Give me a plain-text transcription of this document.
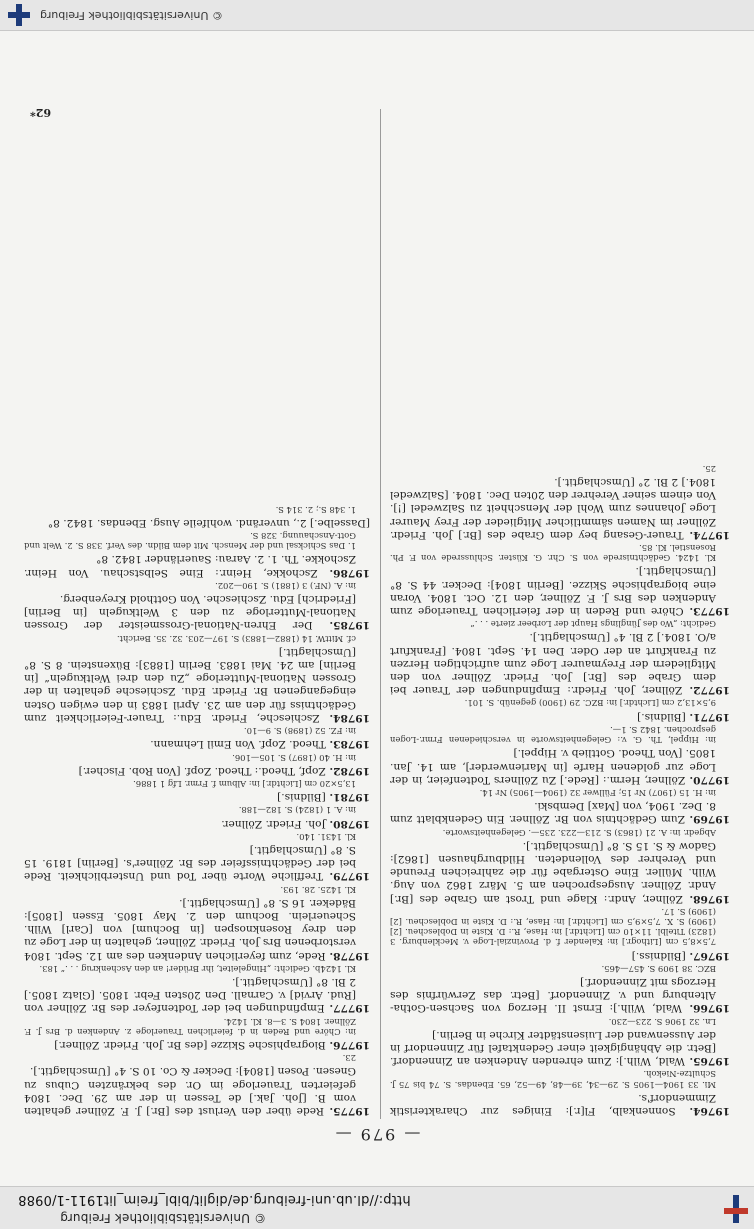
© Universitätsbibliothek Freiburg
http://dl.ub.uni-freiburg.de/diglit/bibl_freim_lit1911-1/0988
— 979 —
19764. Sonnenkalb, Fl[r.]: Einiges zur Charakteristik Zimmendorf's.
Mi. 33 1904—1905 S. 29—34, 39—48, 49—52, 65. Ebendas. S. 74 bis 75 J. Schultze-Niekoh.
19765. Wald, Wilh.]: Zum ehrenden Andenken an Zinnendorf. [Betr. die Abhängigkeit einer Gedenktafel für Zinnendorf in der Aussenwand der Luisenstädter Kirche in Berlin.]
Ln. 32 1906 S. 223—230.
19766. Wald, Wilh.]: Ernst II. Herzog von Sachsen-Gotha-Altenburg und v. Zinnendorf. [Betr. das Zerwürfnis des Herzogs mit Zinnendorf.]
BZC. 38 1909 S. 457—465.
19767. [Bildniss.]
7,5×8,5 cm [Lithogr.] in: Kalender f. d. Provinzial-Loge v. Mecklenburg. 3 (1823) Titelbl. 11×10 cm [Lichtdr.] in: Hase, R.: D. Kiste in Doblescheu. [2] (1909) S. X. 7,5×9,5 cm [Lichtdr.] in: Hase, R.: D. Kiste in Doblescheu. [2] (1909) S. 17.
19768. Zöllner, Andr.: Klage und Trost am Grabe des [Br.] Andr. Zöllner. Ausgesprochen am 5. März 1862 von Aug. Wilh. Müller. Eine Ostergabe für die zahlreichen Freunde und Verehrer des Vollendeten. Hildburghausen [1862]: Gadow & S. 15 S. 8° [Umschlagtit.].
Abgedr. in: A. 21 (1863) S. 213—223. 235—. Gelegenheitsworte.
19769. Zum Gedächtnis von Br. Zöllner. Ein Gedenkblatt zum 8. Dez. 1904, von [Max] Dembski.
in: H. 15 (1907) Nr 15; Füllwer 32 (1904—1905) Nr 14.
19770. Zöllner, Herm.: [Rede.] Zu Zöllners Todtenfeier, in der Loge zur goldenen Harfe [in Marienwerder], am 14. Jan. 1805. [Von Theod. Gottlieb v. Hippel.]
in: Hippel, Th. G. v.: Gelegenheitsworte in verschiedenen Frmr.-Logen gesprochen. 1842 S. 1—.
19771. [Bildnis.]
9,5×13,2 cm [Lichtdr.] in: BZC. 29 (1900) gegenüb. S. 101.
19772. Zöllner, Joh. Friedr.: Empfindungen der Trauer bei dem Grabe des [Br.] Joh. Friedr. Zöllner von den Mitgliedern der Freymaurer Loge zum aufrichtigen Herzen zu Frankfurt an der Oder. Den 14. Sept. 1804. [Frankfurt a/O. 1804.] 2 Bl. 4° [Umschlagtit.].
Gedicht: „Wo des Jünglings Haupt der Lorbeer zierte . . .“
19773. Chöre und Reden in der feierlichen Trauerloge zum Andenken des Brs J. F. Zöllner, den 12. Oct. 1804. Voran eine biographische Skizze. [Berlin 1804]: Decker. 44 S. 8° [Umschlagtit.].
Kl. 1424. Gedächtnisrede von S. Chr. G. Küster. Schlussrede von F. Ph. Rosenstiel. Kl. 85.
19774. Trauer-Gesang bey dem Grabe des [Br.] Joh. Friedr. Zöllner im Namen sämmtlicher Mitglieder der Frey Maurer Loge Johannes zum Wohl der Menschheit zu Salzwedel [!]. Von einem seiner Verehrer den 20ten Dec. 1804. [Salzwedel 1804.] 2 Bl. 2° [Umschlagtit.].
25.
19775. Rede über den Verlust des [Br.] J. F. Zöllner gehalten vom B. [Joh. Jak.] de Tessen in der am 29. Dec. 1804 gefeierten Trauerloge im Or. des bekränzten Cubus zu Gnesen. Posen [1804]: Decker & Co. 10 S. 4° [Umschlagtit.].
23.
19776. Biographische Skizze [des Br. Joh. Friedr. Zöllner.]
in: Chöre und Reden in d. feierlichen Trauerloge z. Andenken d. Brs J. F. Zöllner. 1804 S. 3—8. Kl. 1424.
19777. Empfindungen bei der Todtenfeyer des Br. Zöllner von [Rud. Arvid] v. Carnall. Den 20sten Febr. 1805. [Glatz 1805.] 2 Bl. 8° [Umschlagtit.].
Kl. 1424b. Gedicht: „Hingeleitet, ihr Brüder! an den Aschenkrug . . .“ 183.
19778. Rede, zum feyerlichen Andenken des am 12. Sept. 1804 verstorbenen Brs Joh. Friedr. Zöllner, gehalten in der Loge zu den drey Rosenknospen [in Bochum] von [Carl] Wilh. Scheuerlein. Bochum den 2. May 1805. Essen [1805]: Bädeker. 16 S. 8° [Umschlagtit.].
Kl. 1425. 28. 193.
19779. Treffliche Worte über Tod und Unsterblichkeit. Rede bei der Gedächtnissfeier des Br. Zöllner's. [Berlin] 1819. 15 S. 8° [Umschlagtit.]
Kl. 1431. 140.
19780. Joh. Friedr. Zöllner.
in: A. 1 (1824) S. 182—188.
19781. [Bildnis.]
13,5×20 cm [Lichtdr.] in: Album f. Frmr. Lfg 1 1886.
19782. Zopf, Theod.: Theod. Zopf. [Von Rob. Fischer.]
in: H. 40 (1897) S. 105—106.
19783. Theod. Zopf. Von Emil Lehmann.
in: FZ. 52 (1898) S. 9—10.
19784. Zschiesche, Friedr. Edu.: Trauer-Feierlichkeit zum Gedächtniss für den am 23. April 1883 in den ewigen Osten eingegangenen Br. Friedr. Edu. Zschiesche gehalten in der Grossen National-Mutterloge „Zu den drei Weltkugeln“ [in Berlin] am 24. Mai 1883. Berlin [1883]: Büxenstein. 8 S. 8° [Umschlagtit.]
cf. MittW. 14 (1882—1883) S. 197—203. 32. 35. Bericht.
19785. Der Ehren-National-Grossmeister der Grossen National-Mutterloge zu den 3 Weltkugeln [in Berlin] [Friedrich] Edu. Zschiesche. Von Gotthold Kreyenberg.
in: A. (NF.) 3 (1881) S. 190—202.
19786. Zschokke, Heinr.: Eine Selbstschau. Von Heinr. Zschokke. Th. 1. 2. Aarau: Sauerländer 1842. 8°
1. Das Schicksal und der Mensch. Mit dem Bildn. des Verf. 338 S. 2. Welt und Gott-Anschauung. 328 S.
[Dasselbe.] 2., unveränd. wohlfeile Ausg. Ebendas. 1842. 8°
1. 348 S.; 2. 314 S.
62*
© Universitätsbibliothek Freiburg
